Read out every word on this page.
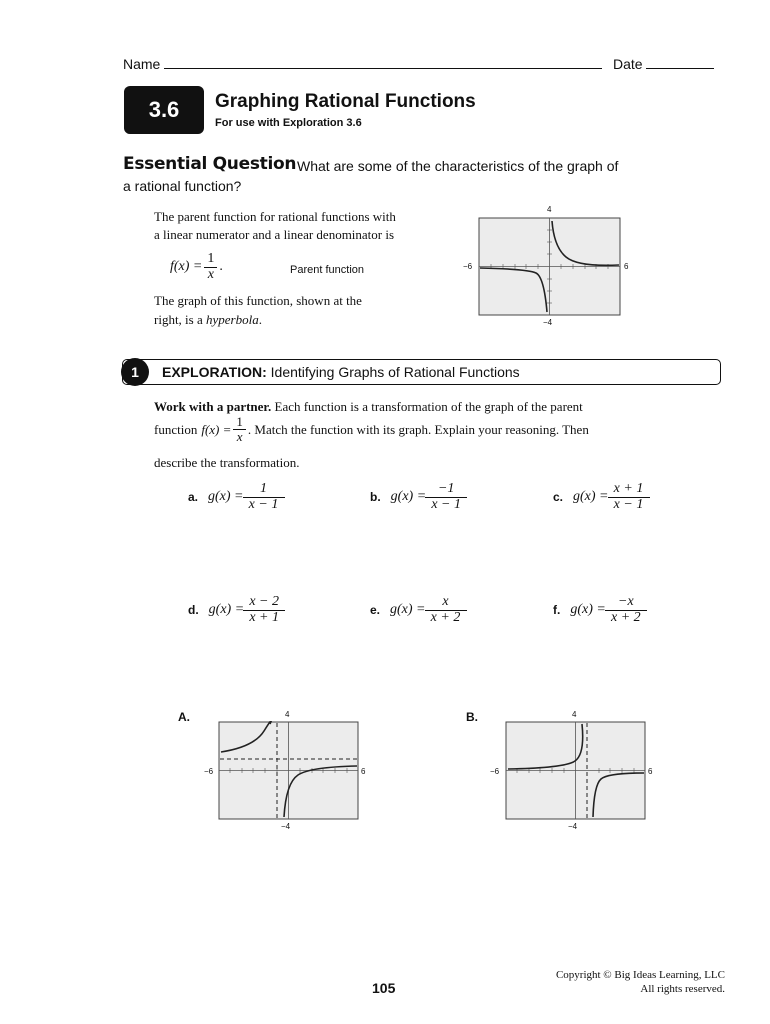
Name	Date
3.6	Graphing Rational Functions
For use with Exploration 3.6
Essential Question What are some of the characteristics of the graph of
a rational function?
The parent function for rational functions with
a linear numerator and a linear denominator is
$f(x) = \frac{1}{x}$ .	Parent function
The graph of this function, shown at the
right, is a hyperbola.
4
−6	6
−4
1	EXPLORATION: Identifying Graphs of Rational Functions
Work with a partner. Each function is a transformation of the graph of the parent
function $f(x) = \frac{1}{x}$ . Match the function with its graph. Explain your reasoning. Then
describe the transformation.
a. $g(x) = \frac{1}{x - 1}$	b. $g(x) = \frac{-1}{x - 1}$	c. $g(x) = \frac{x + 1}{x - 1}$
d. $g(x) = \frac{x - 2}{x + 1}$	e. $g(x) = \frac{x}{x + 2}$	f. $g(x) = \frac{-x}{x + 2}$
A.	4
−6	6
−4
B.	4
−6	6
−4
105
Copyright © Big Ideas Learning, LLC
All rights reserved.
